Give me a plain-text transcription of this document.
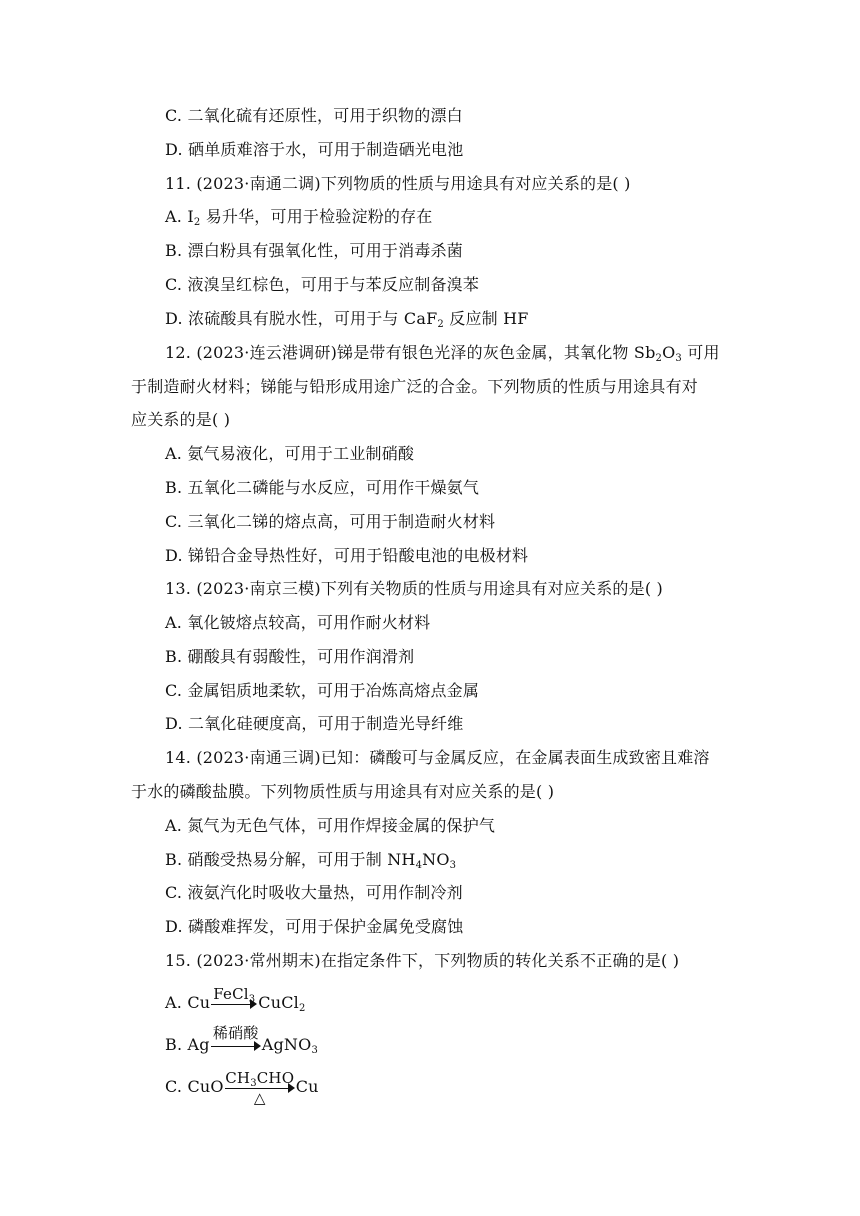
C. 二氧化硫有还原性，可用于织物的漂白
D. 硒单质难溶于水，可用于制造硒光电池
11. (2023·南通二调)下列物质的性质与用途具有对应关系的是( )
A. $I_2$ 易升华，可用于检验淀粉的存在
B. 漂白粉具有强氧化性，可用于消毒杀菌
C. 液溴呈红棕色，可用于与苯反应制备溴苯
D. 浓硫酸具有脱水性，可用于与 CaF$_2$ 反应制 HF
12. (2023·连云港调研)锑是带有银色光泽的灰色金属，其氧化物 $Sb_2O_3$ 可用
于制造耐火材料；锑能与铅形成用途广泛的合金。下列物质的性质与用途具有对
应关系的是( )
A. 氨气易液化，可用于工业制硝酸
B. 五氧化二磷能与水反应，可用作干燥氨气
C. 三氧化二锑的熔点高，可用于制造耐火材料
D. 锑铅合金导热性好，可用于铅酸电池的电极材料
13. (2023·南京三模)下列有关物质的性质与用途具有对应关系的是( )
A. 氧化铍熔点较高，可用作耐火材料
B. 硼酸具有弱酸性，可用作润滑剂
C. 金属铝质地柔软，可用于冶炼高熔点金属
D. 二氧化硅硬度高，可用于制造光导纤维
14. (2023·南通三调)已知：磷酸可与金属反应，在金属表面生成致密且难溶
于水的磷酸盐膜。下列物质性质与用途具有对应关系的是( )
A. 氮气为无色气体，可用作焊接金属的保护气
B. 硝酸受热易分解，可用于制 $NH_4NO_3$
C. 液氨汽化时吸收大量热，可用作制冷剂
D. 磷酸难挥发，可用于保护金属免受腐蚀
15. (2023·常州期末)在指定条件下，下列物质的转化关系不正确的是( )
A. Cu FeCl$_3$ CuCl$_2$
B. Ag
稀硝酸
AgNO$_3$
C. CuO $CH_3CHO$
△
Cu
